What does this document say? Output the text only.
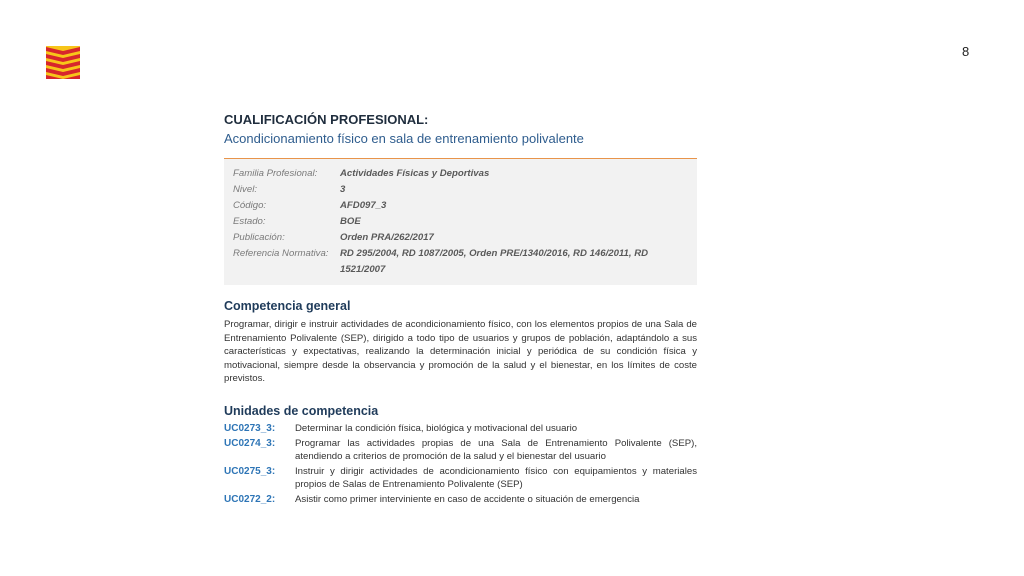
8
CUALIFICACIÓN PROFESIONAL:
Acondicionamiento físico en sala de entrenamiento polivalente
Familia Profesional:	Actividades Físicas y Deportivas
Nivel:	3
Código:	AFD097_3
Estado:	BOE
Publicación:	Orden PRA/262/2017
Referencia Normativa:	RD 295/2004, RD 1087/2005, Orden PRE/1340/2016, RD 146/2011, RD 1521/2007
Competencia general

Programar, dirigir e instruir actividades de acondicionamiento físico, con los elementos propios de una Sala de Entrenamiento Polivalente (SEP), dirigido a todo tipo de usuarios y grupos de población, adaptándolo a sus características y expectativas, realizando la determinación inicial y periódica de su condición física y motivacional, siempre desde la observancia y promoción de la salud y el bienestar, en los límites de coste previstos.

Unidades de competencia
UC0273_3:	Determinar la condición física, biológica y motivacional del usuario
UC0274_3:	Programar las actividades propias de una Sala de Entrenamiento Polivalente (SEP), atendiendo a criterios de promoción de la salud y el bienestar del usuario
UC0275_3:	Instruir y dirigir actividades de acondicionamiento físico con equipamientos y materiales propios de Salas de Entrenamiento Polivalente (SEP)
UC0272_2:	Asistir como primer interviniente en caso de accidente o situación de emergencia
